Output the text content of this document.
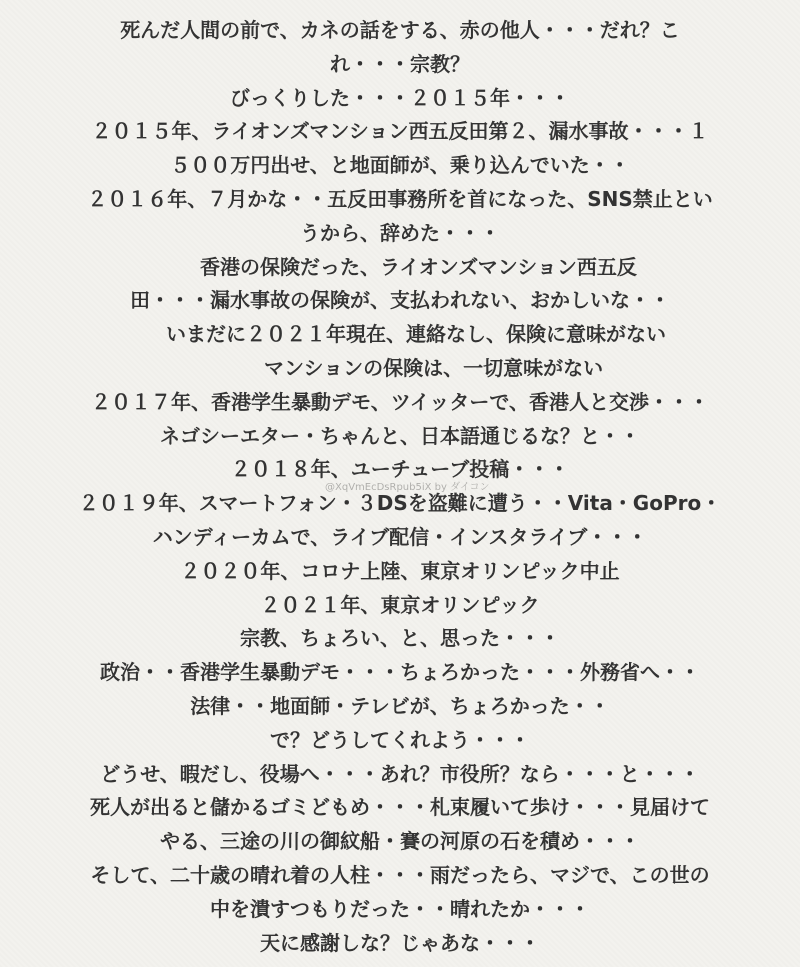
死んだ人間の前で、カネの話をする、赤の他人・・・だれ？こ
れ・・・宗教？
びっくりした・・・２０１５年・・・
２０１５年、ライオンズマンション西五反田第２、漏水事故・・・１
５００万円出せ、と地面師が、乗り込んでいた・・
２０１６年、７月かな・・五反田事務所を首になった、SNS禁止とい
うから、辞めた・・・
香港の保険だった、ライオンズマンション西五反
田・・・漏水事故の保険が、支払われない、おかしいな・・
いまだに２０２１年現在、連絡なし、保険に意味がない
マンションの保険は、一切意味がない
２０１７年、香港学生暴動デモ、ツイッターで、香港人と交渉・・・
ネゴシーエター・ちゃんと、日本語通じるな？と・・
２０１８年、ユーチューブ投稿・・・
２０１９年、スマートフォン・３DSを盗難に遭う・・Vita・GoPro・
ハンディーカムで、ライブ配信・インスタライブ・・・
２０２０年、コロナ上陸、東京オリンピック中止
２０２１年、東京オリンピック
宗教、ちょろい、と、思った・・・
政治・・香港学生暴動デモ・・・ちょろかった・・・外務省へ・・
法律・・地面師・テレビが、ちょろかった・・
で？どうしてくれよう・・・
どうせ、暇だし、役場へ・・・あれ？市役所？なら・・・と・・・
死人が出ると儲かるゴミどもめ・・・札束履いて歩け・・・見届けて
やる、三途の川の御紋船・賽の河原の石を積め・・・
そして、二十歳の晴れ着の人柱・・・雨だったら、マジで、この世の
中を潰すつもりだった・・晴れたか・・・
天に感謝しな？じゃあな・・・
@XqVmEcDsRpub5iX by ダイコン
